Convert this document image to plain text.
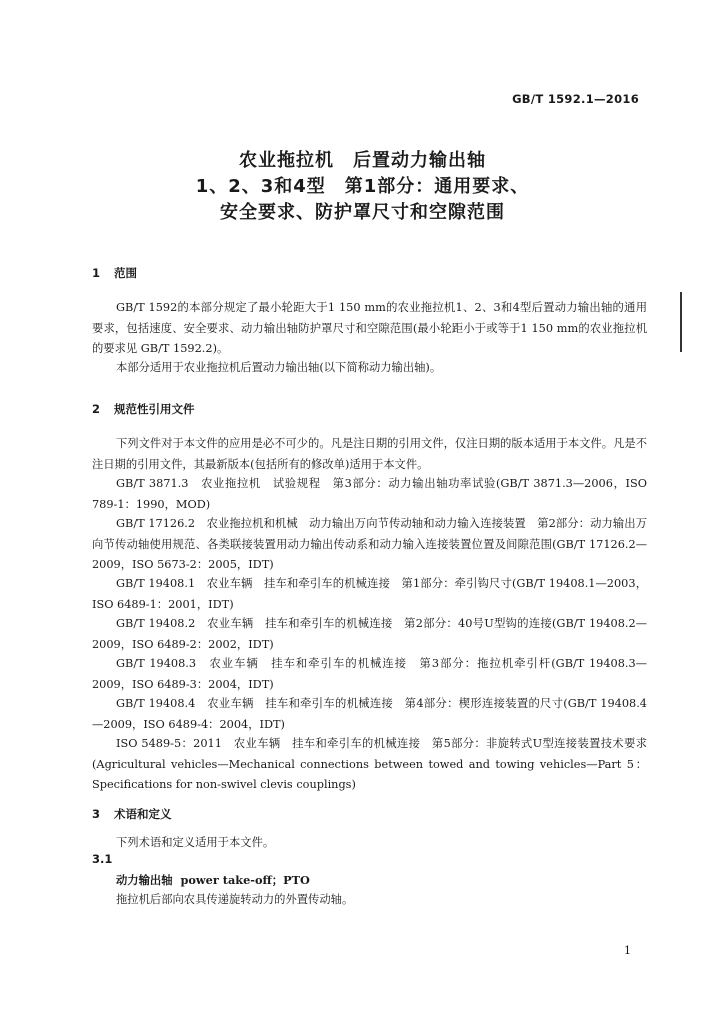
GB/T 1592.1—2016
农业拖拉机　后置动力输出轴
1、2、3和4型　第1部分：通用要求、
安全要求、防护罩尺寸和空隙范围
1 范围
GB/T 1592的本部分规定了最小轮距大于1 150 mm的农业拖拉机1、2、3和4型后置动力输出轴的通用要求，包括速度、安全要求、动力输出轴防护罩尺寸和空隙范围(最小轮距小于或等于1 150 mm的农业拖拉机的要求见 GB/T 1592.2)。
本部分适用于农业拖拉机后置动力输出轴(以下简称动力输出轴)。
2 规范性引用文件
下列文件对于本文件的应用是必不可少的。凡是注日期的引用文件，仅注日期的版本适用于本文件。凡是不注日期的引用文件，其最新版本(包括所有的修改单)适用于本文件。
GB/T 3871.3　农业拖拉机　试验规程　第3部分：动力输出轴功率试验(GB/T 3871.3—2006，ISO 789-1：1990，MOD)
GB/T 17126.2　农业拖拉机和机械　动力输出万向节传动轴和动力输入连接装置　第2部分：动力输出万向节传动轴使用规范、各类联接装置用动力输出传动系和动力输入连接装置位置及间隙范围(GB/T 17126.2—2009，ISO 5673-2：2005，IDT)
GB/T 19408.1　农业车辆　挂车和牵引车的机械连接　第1部分：牵引钩尺寸(GB/T 19408.1—2003，ISO 6489-1：2001，IDT)
GB/T 19408.2　农业车辆　挂车和牵引车的机械连接　第2部分：40号U型钩的连接(GB/T 19408.2—2009，ISO 6489-2：2002，IDT)
GB/T 19408.3　农业车辆　挂车和牵引车的机械连接　第3部分：拖拉机牵引杆(GB/T 19408.3—2009，ISO 6489-3：2004，IDT)
GB/T 19408.4　农业车辆　挂车和牵引车的机械连接　第4部分：楔形连接装置的尺寸(GB/T 19408.4—2009，ISO 6489-4：2004，IDT)
ISO 5489-5：2011　农业车辆　挂车和牵引车的机械连接　第5部分：非旋转式U型连接装置技术要求(Agricultural vehicles—Mechanical connections between towed and towing vehicles—Part 5：Specifications for non-swivel clevis couplings)
3 术语和定义
下列术语和定义适用于本文件。
3.1
动力输出轴 power take-off；PTO
拖拉机后部向农具传递旋转动力的外置传动轴。
1
